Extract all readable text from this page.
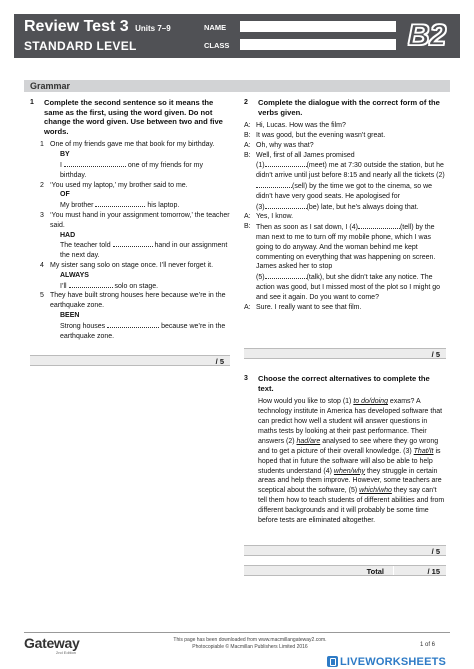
Review Test 3 Units 7–9
STANDARD LEVEL
NAME
CLASS	B2
Grammar
1 Complete the second sentence so it means the same as the first, using the word given. Do not change the word given. Use between two and five words.
1 One of my friends gave me that book for my birthday.
BY
I	one of my friends for my birthday.
2 ‘You used my laptop,’ my brother said to me.
OF
My brother	his laptop.
3 ‘You must hand in your assignment tomorrow,’ the teacher said.
HAD
The teacher told	hand in our assignment the next day.
4 My sister sang solo on stage once. I’ll never forget it.
ALWAYS
I’ll	solo on stage.
5 They have built strong houses here because we’re in the earthquake zone.
BEEN
Strong houses	because we’re in the earthquake zone.
/ 5
2 Complete the dialogue with the correct form of the verbs given.
A: Hi, Lucas. How was the film?
B: It was good, but the evening wasn’t great.
A: Oh, why was that?
B: Well, first of all James promised
(1)	(meet) me at 7:30 outside the station, but he didn’t arrive until just before 8:15 and nearly all the tickets (2) (sell) by the time we got to the cinema, so we didn’t have very good seats. He apologised for
(3)	(be) late, but he’s always doing that.
A: Yes, I know.
B: Then as soon as I sat down, I (4)	(tell) by the man next to me to turn off my mobile phone, which I was going to do anyway. And the woman behind me kept commenting on everything that was happening on screen. James asked her to stop
(5)	(talk), but she didn’t take any notice. The action was good, but I missed most of the plot so I might go and see it again. Do you want to come?
A: Sure. I really want to see that film.
/ 5
3 Choose the correct alternatives to complete the text.
How would you like to stop (1) to do/doing exams? A technology institute in America has developed software that can predict how well a student will answer questions in maths tests by looking at their past performance. Their answers (2) had/are analysed to see where they go wrong and to get a picture of their overall knowledge. (3) That/It is hoped that in future the software will also be able to help students understand (4) when/why they struggle in certain areas and help them improve. However, some teachers are sceptical about the software, (5) which/who they say can’t tell them how to teach students of different abilities and from different backgrounds and it will probably be some time before tests are eliminated altogether.
/ 5
Total	/ 15
Gateway
2nd Edition
This page has been downloaded from www.macmillangateway2.com.
Photocopiable © Macmillan Publishers Limited 2016	1 of 6
LIVEWORKSHEETS
